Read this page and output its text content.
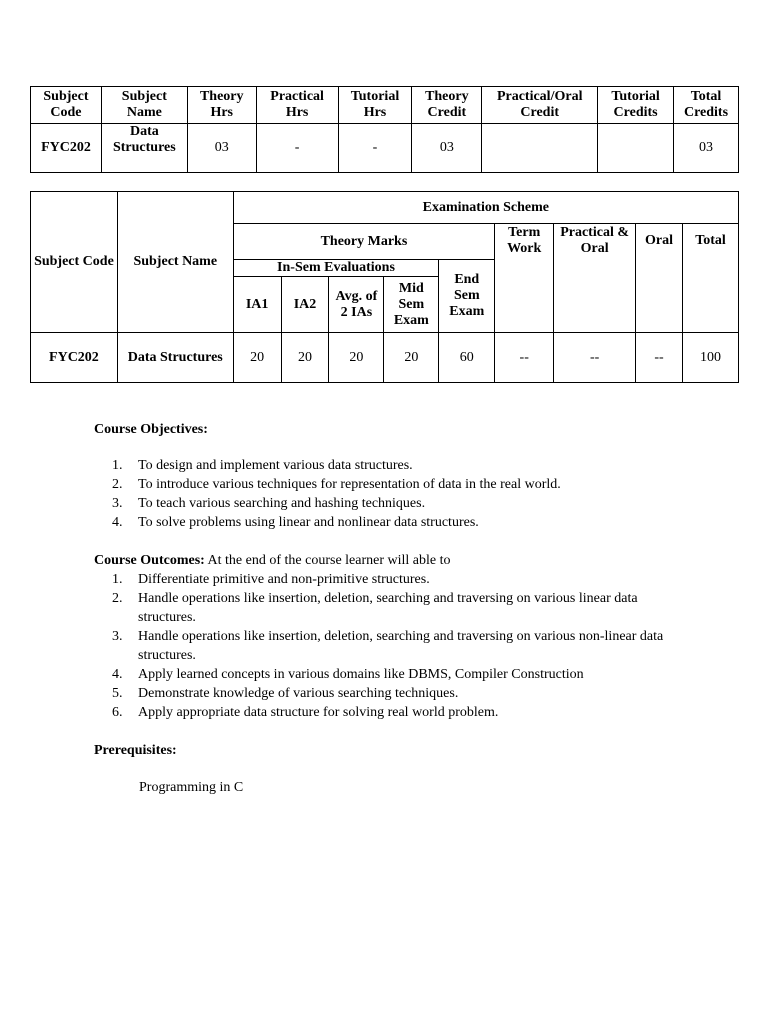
Subject Code	Subject Name	Theory Hrs	Practical Hrs	Tutorial Hrs	Theory Credit	Practical/Oral Credit	Tutorial Credits	Total Credits
FYC202	Data Structures	03	-	-	03			03
Subject Code	Subject Name	Examination Scheme								
		Theory Marks					Term Work	Practical & Oral	Oral	Total
		In-Sem Evaluations				End Sem Exam				
		IA1	IA2	Avg. of 2 IAs	Mid Sem Exam					
FYC202	Data Structures	20	20	20	20	60	--	--	--	100
Course Objectives:
1. To design and implement various data structures.
2. To introduce various techniques for representation of data in the real world.
3. To teach various searching and hashing techniques.
4. To solve problems using linear and nonlinear data structures.
Course Outcomes: At the end of the course learner will able to
1. Differentiate primitive and non-primitive structures.
2. Handle operations like insertion, deletion, searching and traversing on various linear data structures.
3. Handle operations like insertion, deletion, searching and traversing on various non-linear data structures.
4. Apply learned concepts in various domains like DBMS, Compiler Construction
5. Demonstrate knowledge of various searching techniques.
6. Apply appropriate data structure for solving real world problem.
Prerequisites:
Programming in C
